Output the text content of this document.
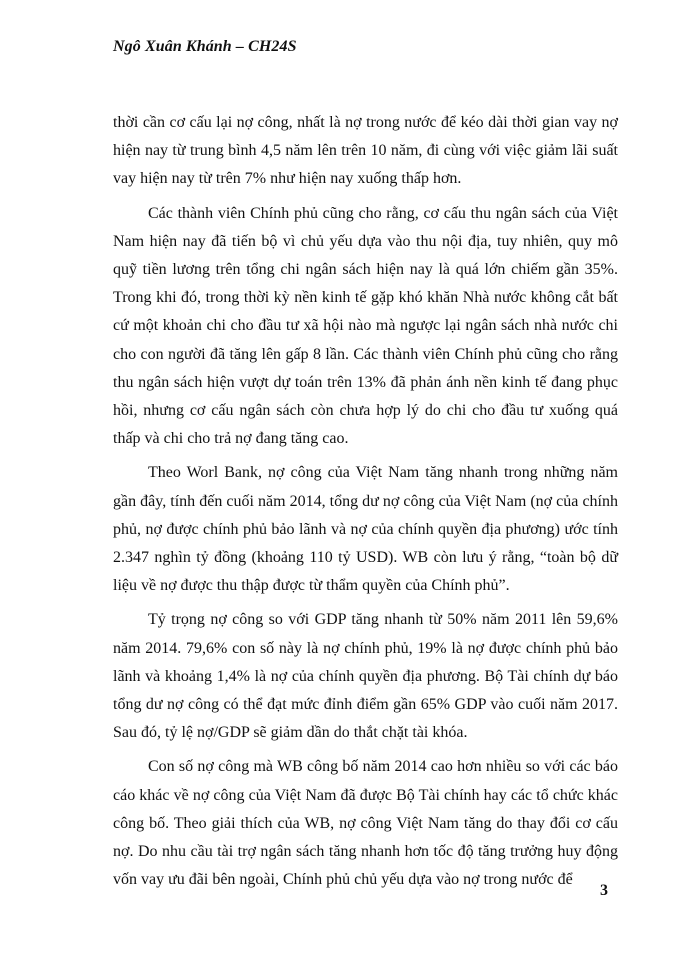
Ngô Xuân Khánh – CH24S

thời cần cơ cấu lại nợ công, nhất là nợ trong nước để kéo dài thời gian vay nợ hiện nay từ trung bình 4,5 năm lên trên 10 năm, đi cùng với việc giảm lãi suất vay hiện nay từ trên 7% như hiện nay xuống thấp hơn.

Các thành viên Chính phủ cũng cho rằng, cơ cấu thu ngân sách của Việt Nam hiện nay đã tiến bộ vì chủ yếu dựa vào thu nội địa, tuy nhiên, quy mô quỹ tiền lương trên tổng chi ngân sách hiện nay là quá lớn chiếm gần 35%. Trong khi đó, trong thời kỳ nền kinh tế gặp khó khăn Nhà nước không cắt bất cứ một khoản chi cho đầu tư xã hội nào mà ngược lại ngân sách nhà nước chi cho con người đã tăng lên gấp 8 lần. Các thành viên Chính phủ cũng cho rằng thu ngân sách hiện vượt dự toán trên 13% đã phản ánh nền kinh tế đang phục hồi, nhưng cơ cấu ngân sách còn chưa hợp lý do chi cho đầu tư xuống quá thấp và chi cho trả nợ đang tăng cao.

Theo Worl Bank, nợ công của Việt Nam tăng nhanh trong những năm gần đây, tính đến cuối năm 2014, tổng dư nợ công của Việt Nam (nợ của chính phủ, nợ được chính phủ bảo lãnh và nợ của chính quyền địa phương) ước tính 2.347 nghìn tỷ đồng (khoảng 110 tỷ USD). WB còn lưu ý rằng, “toàn bộ dữ liệu về nợ được thu thập được từ thẩm quyền của Chính phủ”.

Tỷ trọng nợ công so với GDP tăng nhanh từ 50% năm 2011 lên 59,6% năm 2014. 79,6% con số này là nợ chính phủ, 19% là nợ được chính phủ bảo lãnh và khoảng 1,4% là nợ của chính quyền địa phương. Bộ Tài chính dự báo tổng dư nợ công có thể đạt mức đỉnh điểm gần 65% GDP vào cuối năm 2017. Sau đó, tỷ lệ nợ/GDP sẽ giảm dần do thắt chặt tài khóa.

Con số nợ công mà WB công bố năm 2014 cao hơn nhiều so với các báo cáo khác về nợ công của Việt Nam đã được Bộ Tài chính hay các tổ chức khác công bố. Theo giải thích của WB, nợ công Việt Nam tăng do thay đổi cơ cấu nợ. Do nhu cầu tài trợ ngân sách tăng nhanh hơn tốc độ tăng trưởng huy động vốn vay ưu đãi bên ngoài, Chính phủ chủ yếu dựa vào nợ trong nước để

3
